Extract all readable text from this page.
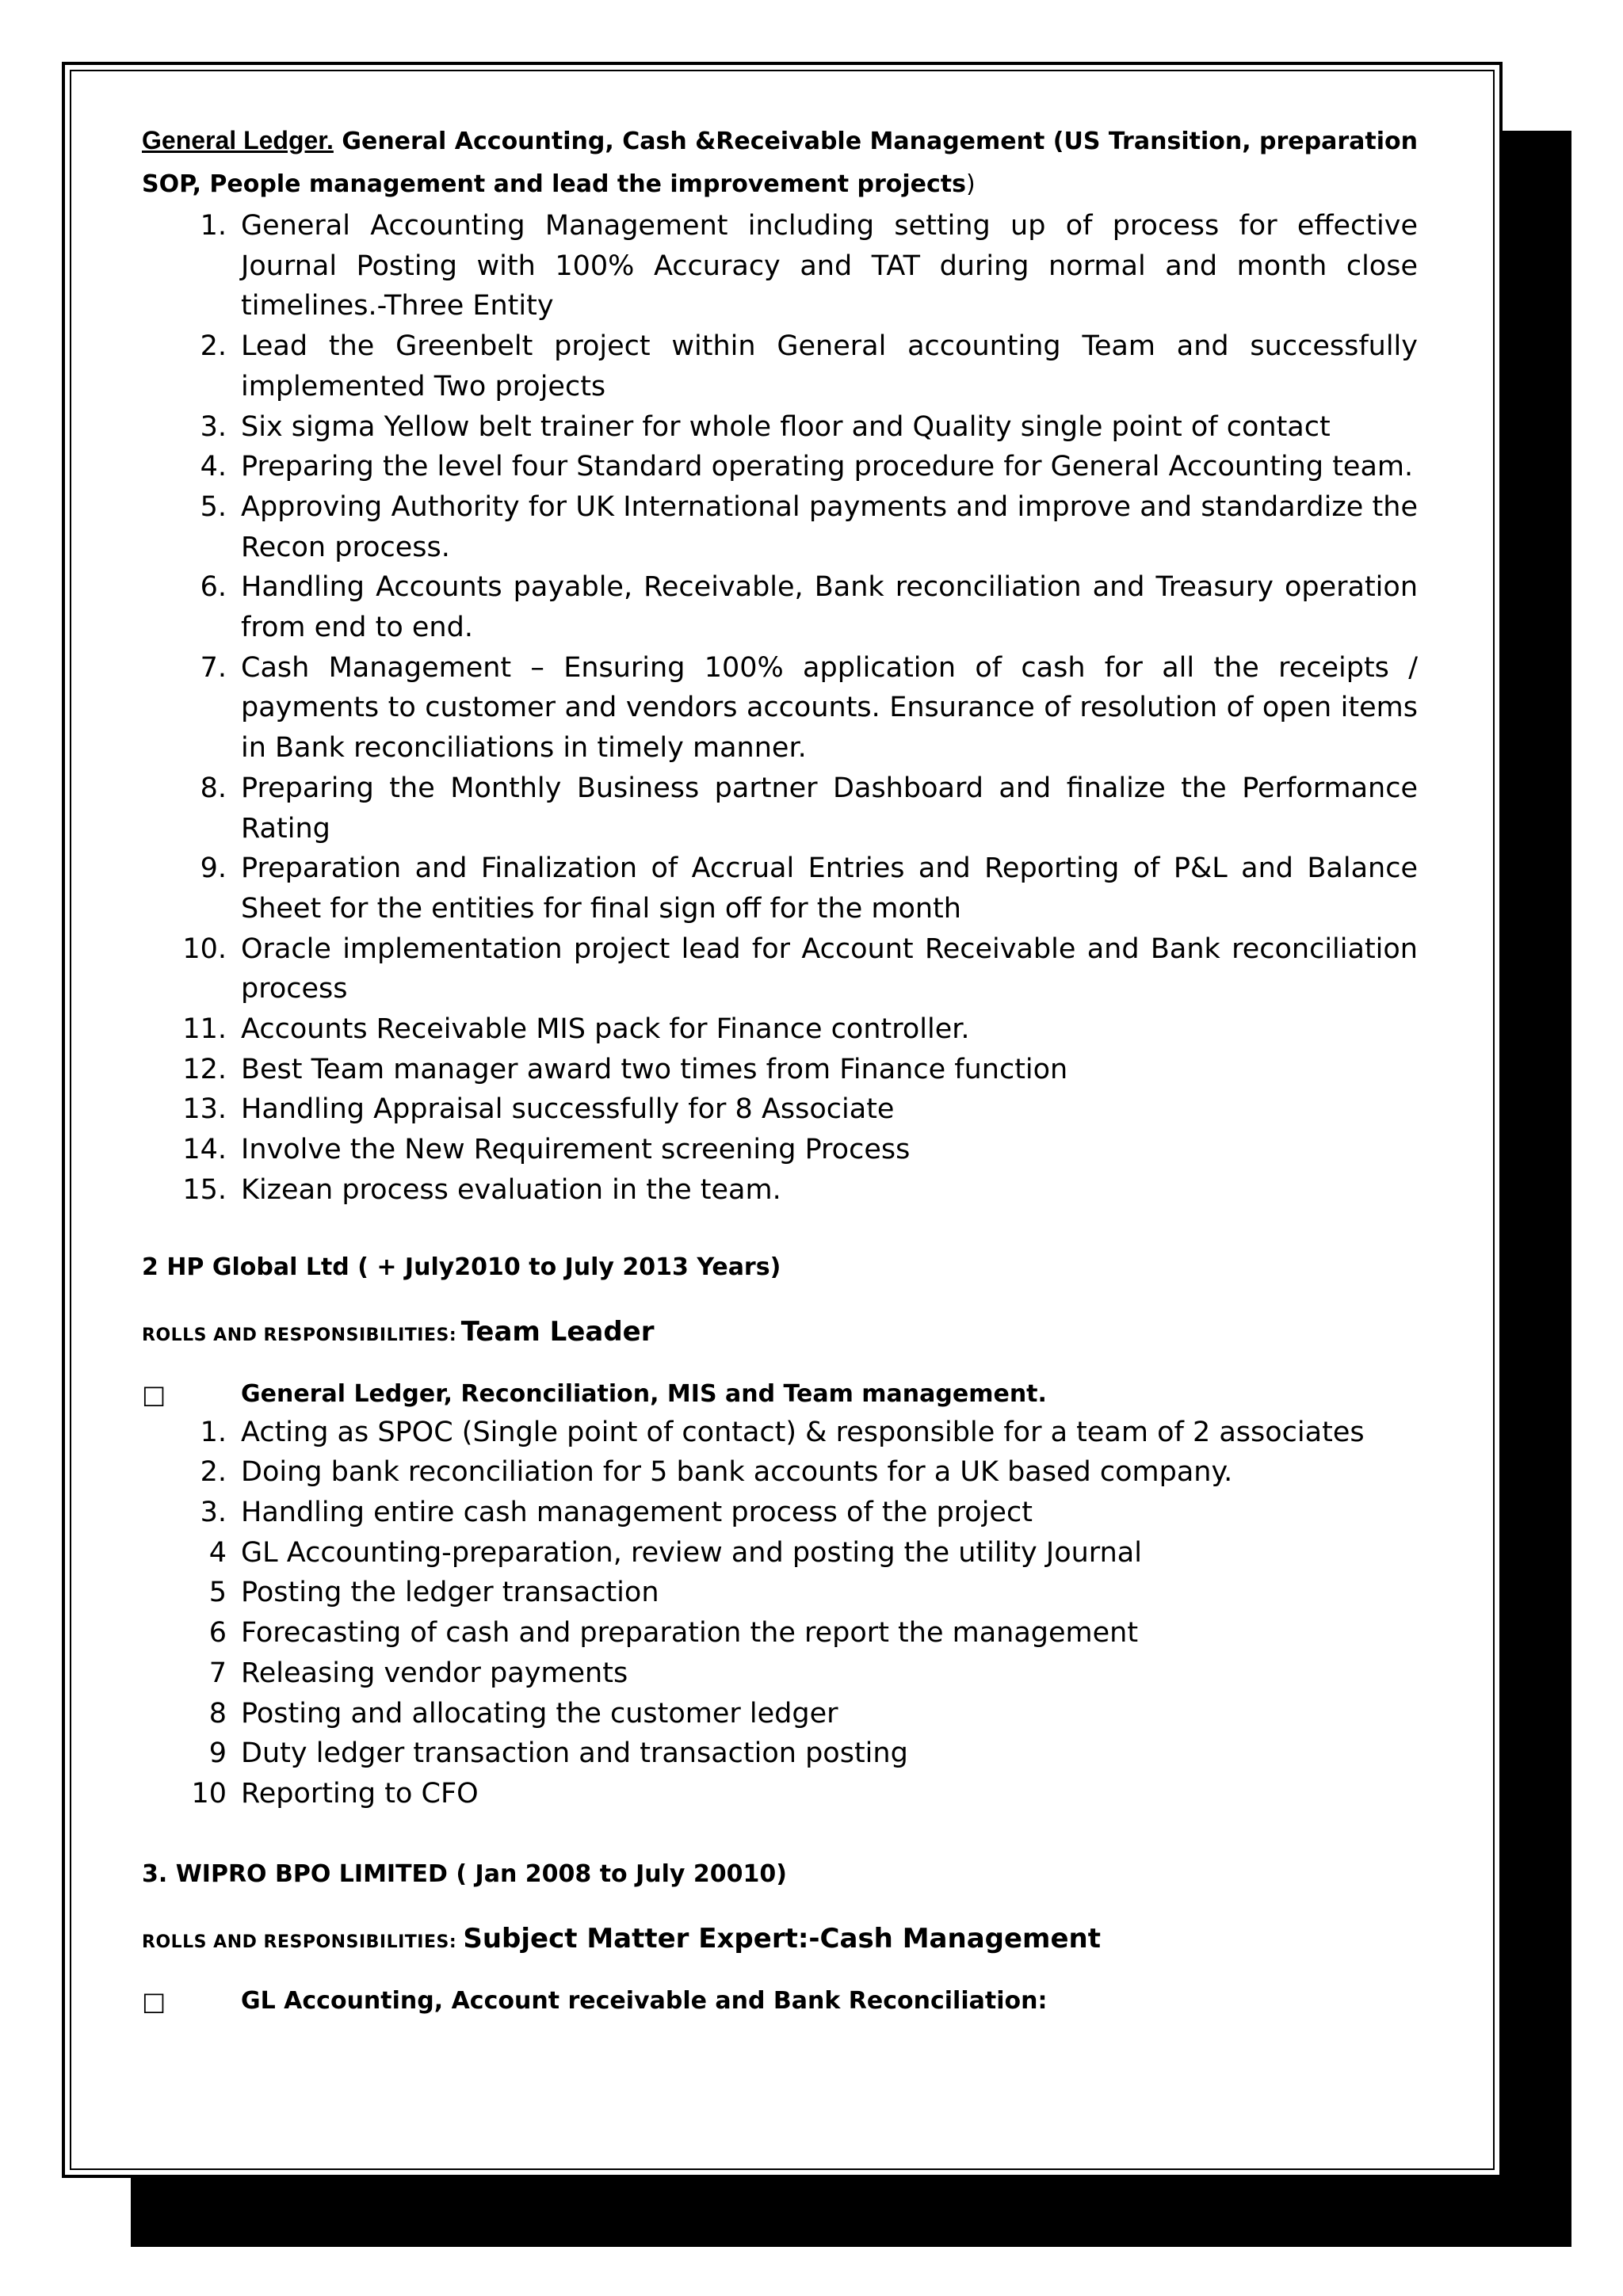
General Ledger. General Accounting, Cash &Receivable Management (US Transition, preparation SOP, People management and lead the improvement projects)

1. General Accounting Management including setting up of process for effective Journal Posting with 100% Accuracy and TAT during normal and month close timelines.-Three Entity
2. Lead the Greenbelt project within General accounting Team and successfully implemented Two projects
3. Six sigma Yellow belt trainer for whole floor and Quality single point of contact
4. Preparing the level four Standard operating procedure for General Accounting team.
5. Approving Authority for UK International payments and improve and standardize the Recon process.
6. Handling Accounts payable, Receivable, Bank reconciliation and Treasury operation from end to end.
7. Cash Management – Ensuring 100% application of cash for all the receipts / payments to customer and vendors accounts. Ensurance of resolution of open items in Bank reconciliations in timely manner.
8. Preparing the Monthly Business partner Dashboard and finalize the Performance Rating
9. Preparation and Finalization of Accrual Entries and Reporting of P&L and Balance Sheet for the entities for final sign off for the month
10. Oracle implementation project lead for Account Receivable and Bank reconciliation process
11. Accounts Receivable MIS pack for Finance controller.
12. Best Team manager award two times from Finance function
13. Handling Appraisal successfully for 8 Associate
14. Involve the New Requirement screening Process
15. Kizean process evaluation in the team.

2 HP Global Ltd ( + July2010 to July 2013 Years)

ROLLS AND RESPONSIBILITIES: Team Leader

□	General Ledger, Reconciliation, MIS and Team management.

1. Acting as SPOC (Single point of contact) & responsible for a team of 2 associates
2. Doing bank reconciliation for 5 bank accounts for a UK based company.
3. Handling entire cash management process of the project
4 GL Accounting-preparation, review and posting the utility Journal
5 Posting the ledger transaction
6 Forecasting of cash and preparation the report the management
7 Releasing vendor payments
8 Posting and allocating the customer ledger
9 Duty ledger transaction and transaction posting
10 Reporting to CFO

3. WIPRO BPO LIMITED ( Jan 2008 to July 20010)

ROLLS AND RESPONSIBILITIES: Subject Matter Expert:-Cash Management

□	GL Accounting, Account receivable and Bank Reconciliation:
